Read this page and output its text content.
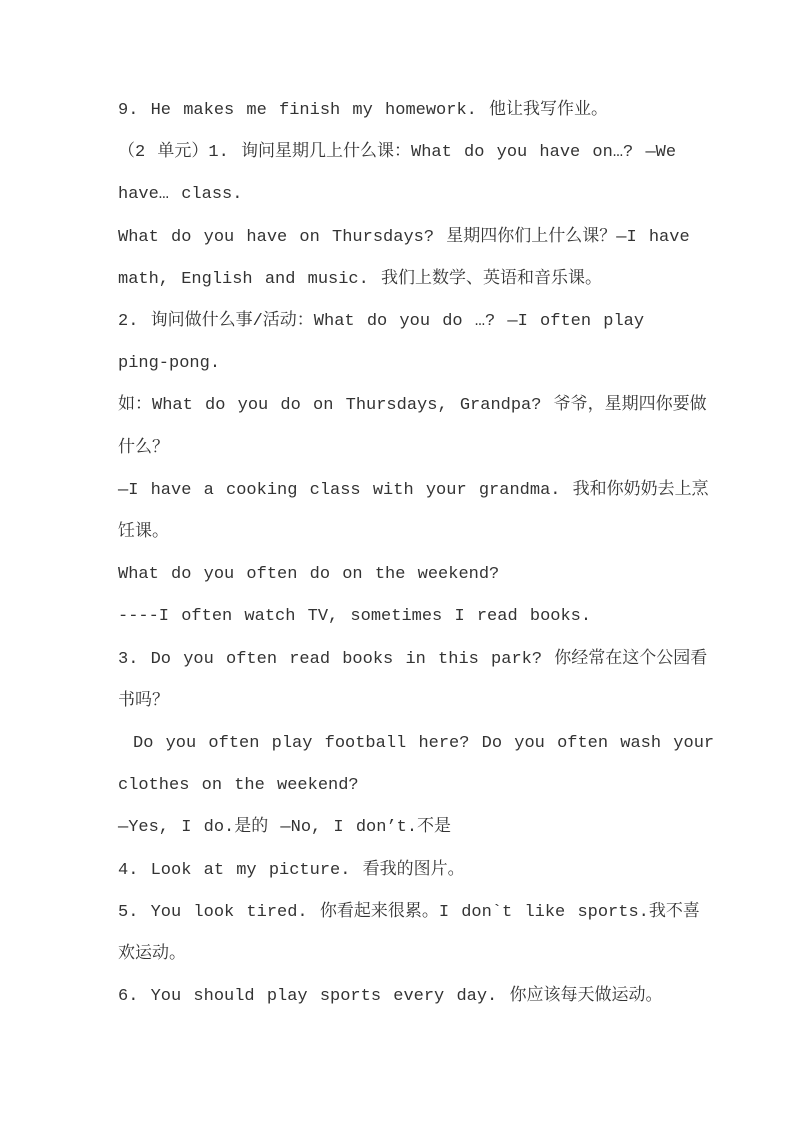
9. He makes me finish my homework. 他让我写作业。
（2 单元）1. 询问星期几上什么课：What do you have on…? —We
have… class.
What do you have on Thursdays? 星期四你们上什么课？—I have
math, English and music. 我们上数学、英语和音乐课。
2. 询问做什么事/活动：What do you do …? —I often play
ping-pong.
如：What do you do on Thursdays, Grandpa? 爷爷，星期四你要做
什么？
—I have a cooking class with your grandma. 我和你奶奶去上烹
饪课。
What do you often do on the weekend?
----I often watch TV, sometimes I read books.
3. Do you often read books in this park? 你经常在这个公园看
书吗？
Do you often play football here? Do you often wash your
clothes on the weekend?
—Yes, I do.是的 —No, I don’t.不是
4. Look at my picture. 看我的图片。
5. You look tired. 你看起来很累。I don`t like sports.我不喜
欢运动。
6. You should play sports every day. 你应该每天做运动。
